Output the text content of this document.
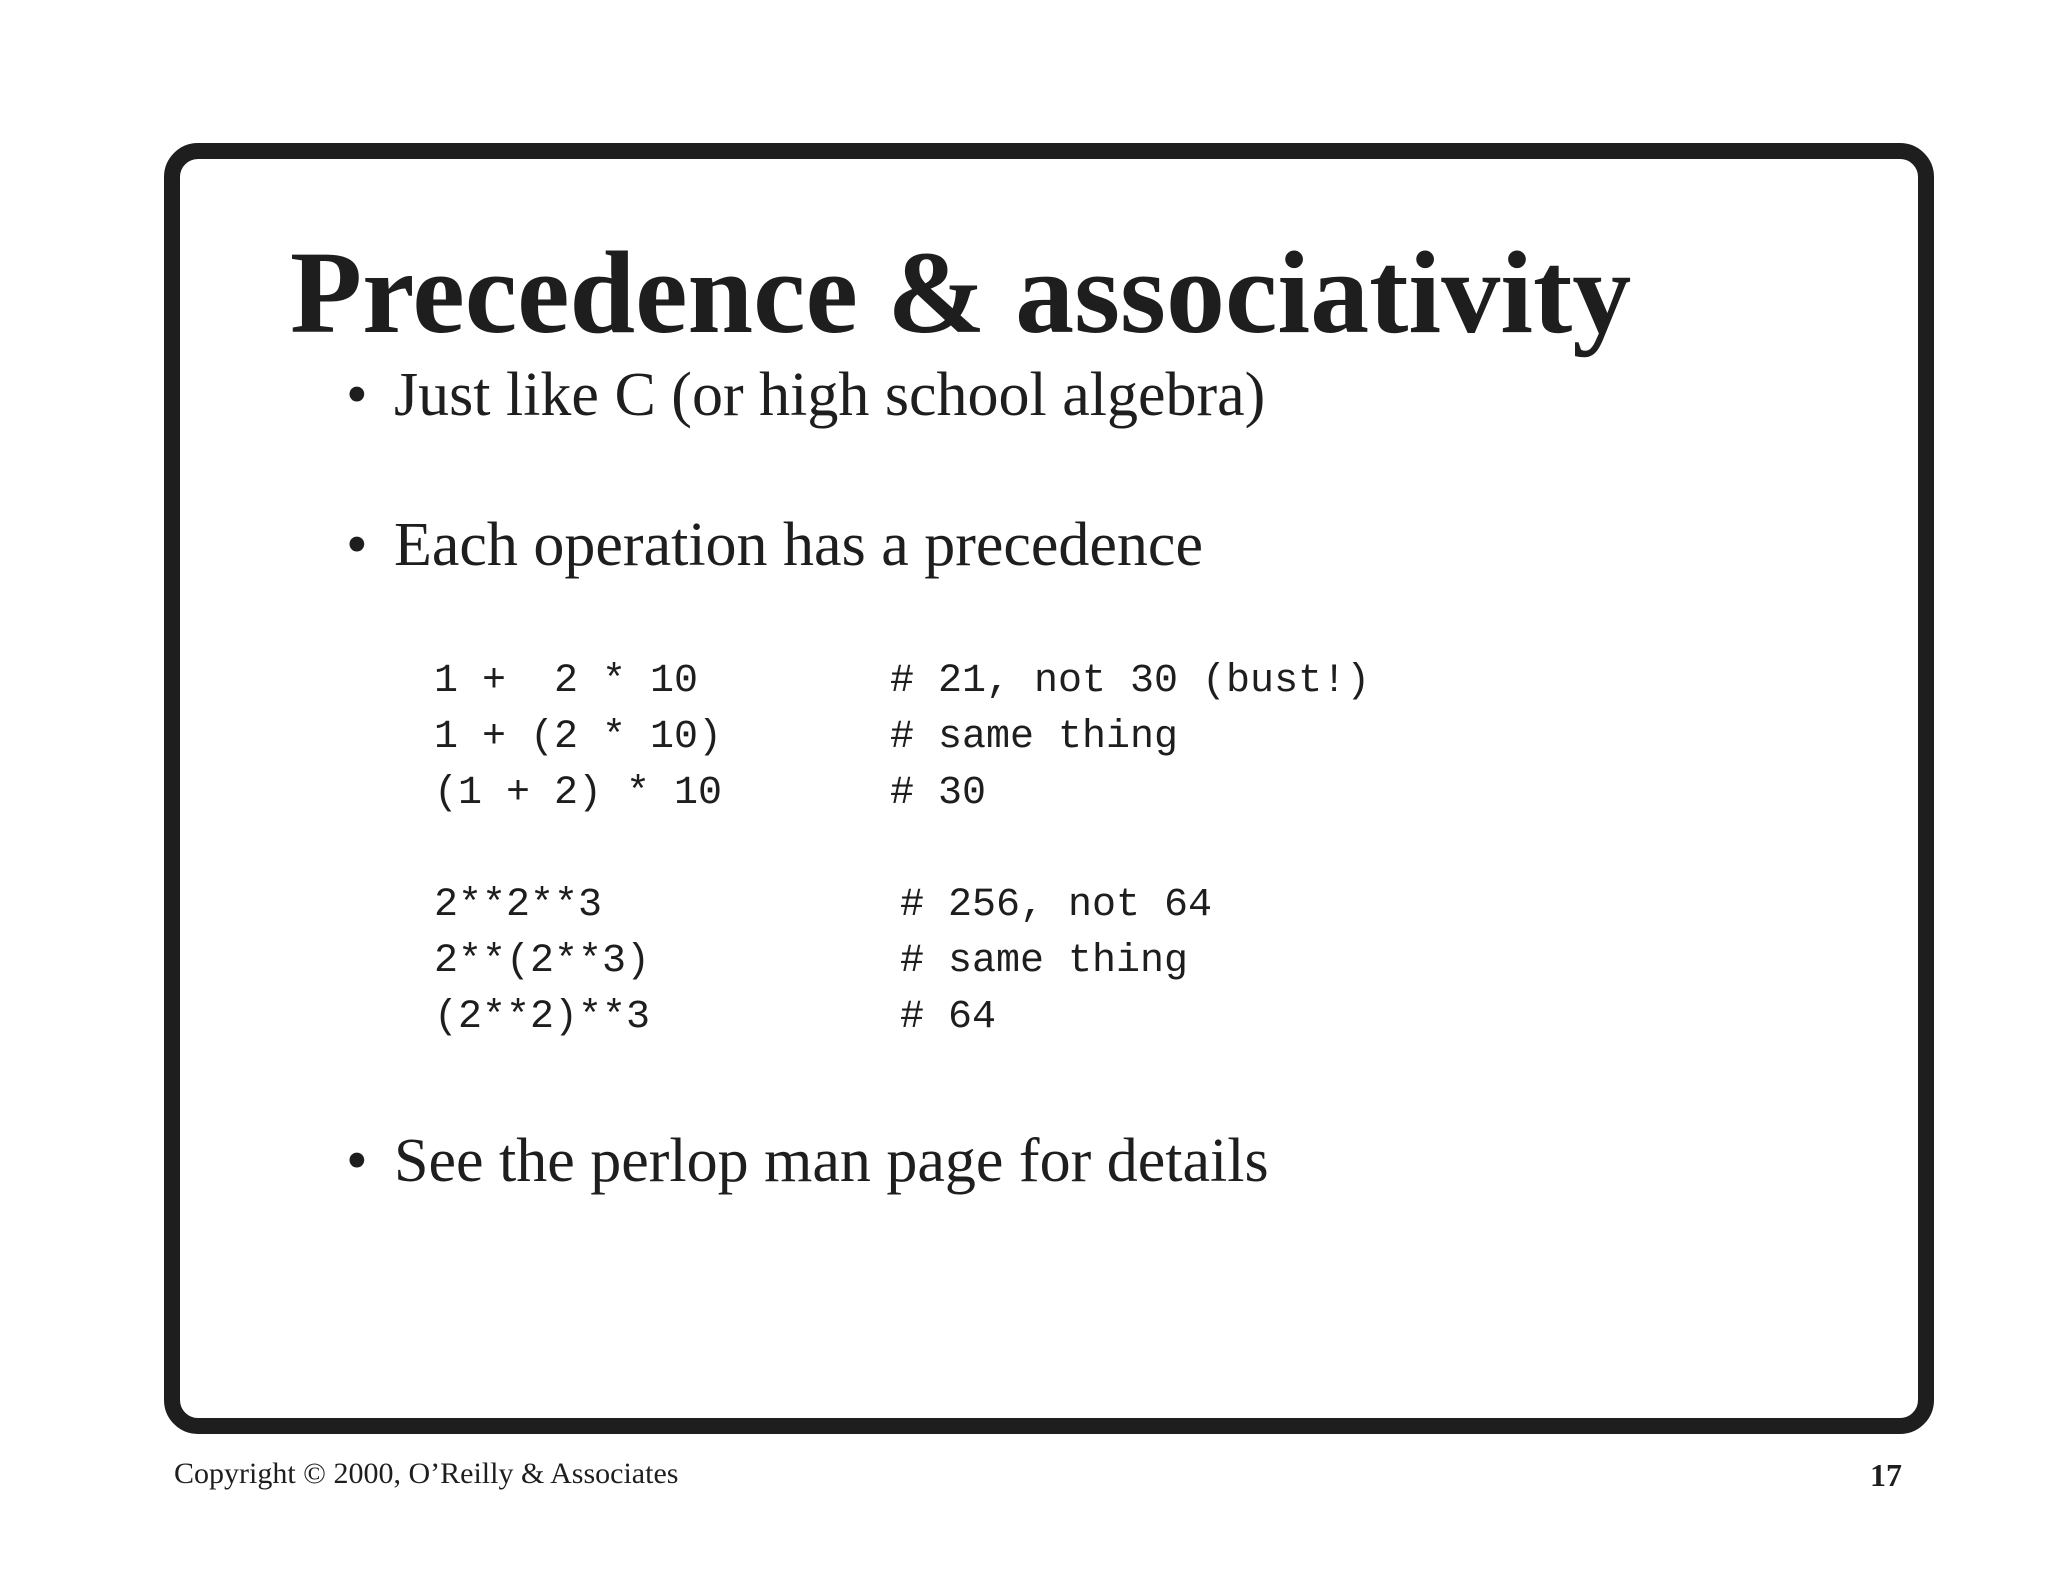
Precedence & associativity
• Just like C (or high school algebra)
• Each operation has a precedence
1 +  2 * 10	# 21, not 30 (bust!)
1 + (2 * 10)	# same thing
(1 + 2) * 10	# 30
2**2**3	# 256, not 64
2**(2**3)	# same thing
(2**2)**3	# 64
• See the perlop man page for details
Copyright © 2000, O’Reilly & Associates	17
